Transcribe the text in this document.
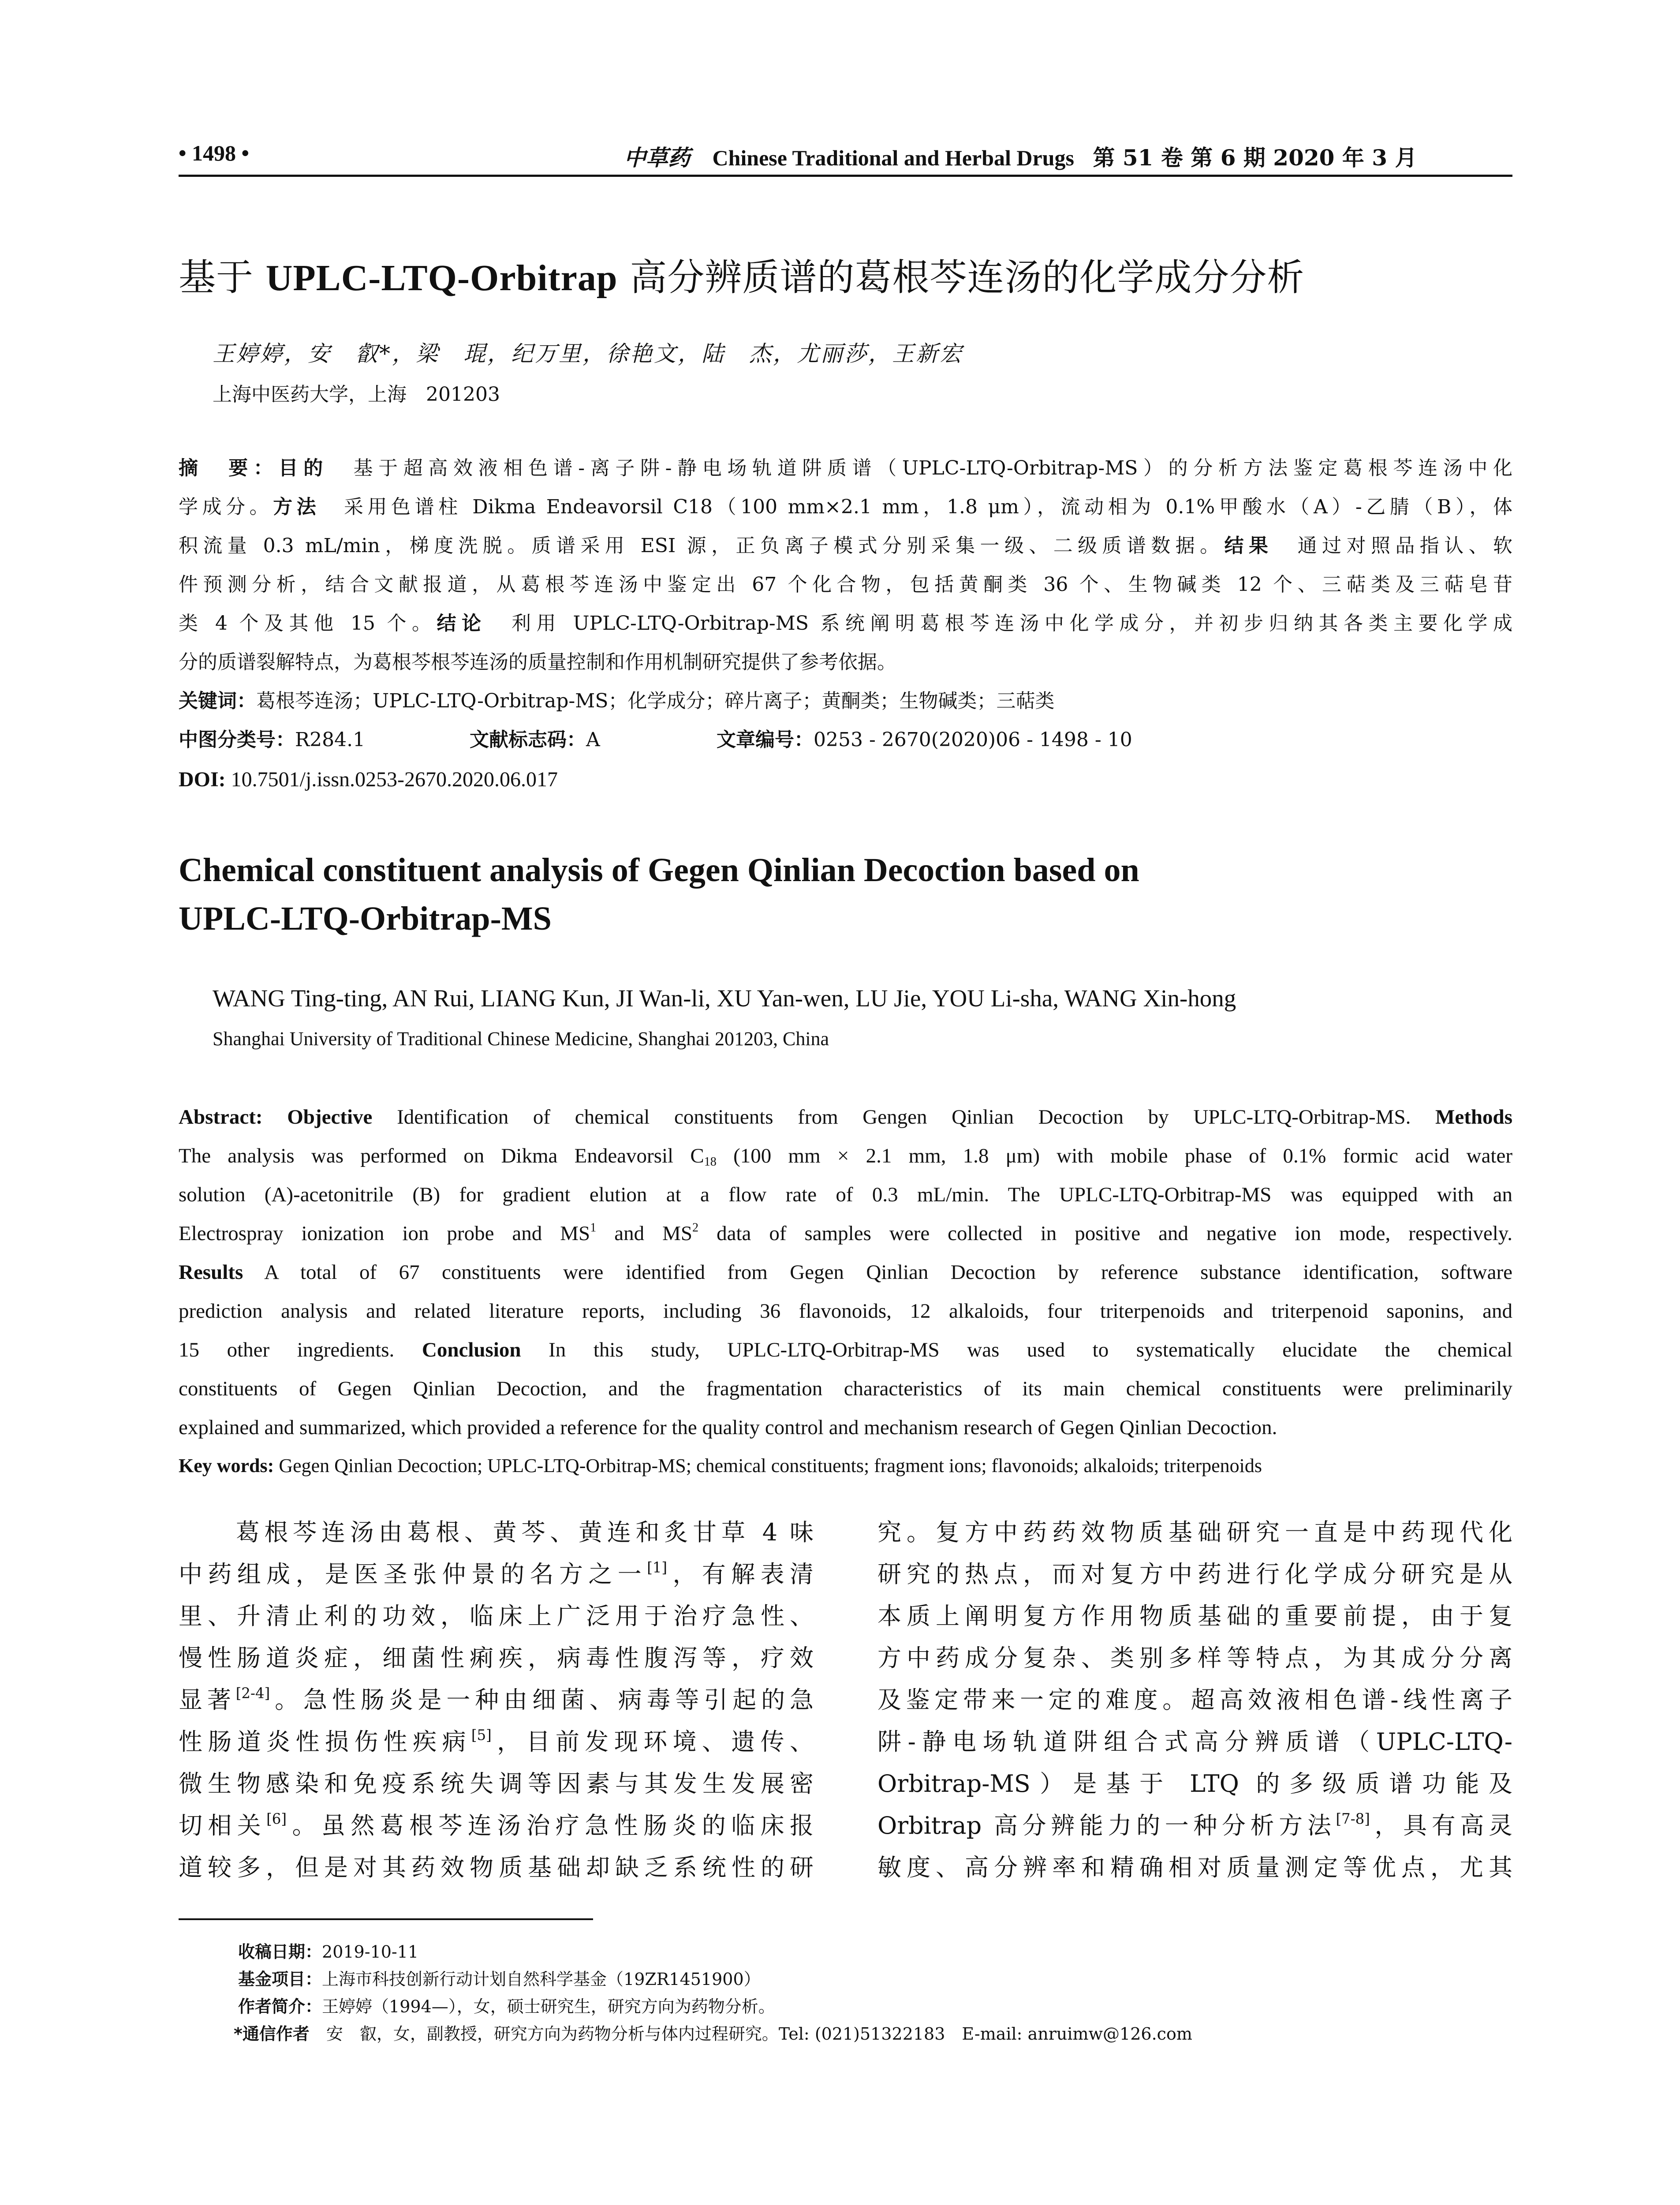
• 1498 •	中草药 Chinese Traditional and Herbal Drugs 第 51 卷 第 6 期 2020 年 3 月
基于 UPLC-LTQ-Orbitrap 高分辨质谱的葛根芩连汤的化学成分分析
王婷婷，安　叡*，梁　琨，纪万里，徐艳文，陆　杰，尤丽莎，王新宏
上海中医药大学，上海　201203
摘　要：目的　 基于超高效液相色谱-离子阱-静电场轨道阱质谱（UPLC-LTQ-Orbitrap-MS）的分析方法鉴定葛根芩连汤中化
学成分。方法　 采用色谱柱 Dikma Endeavorsil C18（100 mm×2.1 mm，1.8 μm），流动相为 0.1%甲酸水（A）-乙腈（B），体
积流量 0.3 mL/min，梯度洗脱。质谱采用 ESI 源，正负离子模式分别采集一级、二级质谱数据。结果　 通过对照品指认、软
件预测分析，结合文献报道，从葛根芩连汤中鉴定出 67 个化合物，包括黄酮类 36 个、生物碱类 12 个、三萜类及三萜皂苷
类 4 个及其他 15 个。结论　 利用 UPLC-LTQ-Orbitrap-MS 系统阐明葛根芩连汤中化学成分，并初步归纳其各类主要化学成
分的质谱裂解特点，为葛根芩根芩连汤的质量控制和作用机制研究提供了参考依据。
关键词：葛根芩连汤；UPLC-LTQ-Orbitrap-MS；化学成分；碎片离子；黄酮类；生物碱类；三萜类
中图分类号：R284.1	文献标志码：A	文章编号：0253 - 2670(2020)06 - 1498 - 10
DOI: 10.7501/j.issn.0253-2670.2020.06.017
Chemical constituent analysis of Gegen Qinlian Decoction based on
UPLC-LTQ-Orbitrap-MS
WANG Ting-ting, AN Rui, LIANG Kun, JI Wan-li, XU Yan-wen, LU Jie, YOU Li-sha, WANG Xin-hong
Shanghai University of Traditional Chinese Medicine, Shanghai 201203, China
Abstract: Objective Identification of chemical constituents from Gengen Qinlian Decoction by UPLC-LTQ-Orbitrap-MS. Methods
The analysis was performed on Dikma Endeavorsil $C_{18}$ (100 mm × 2.1 mm, 1.8 μm) with mobile phase of 0.1% formic acid water
solution (A)-acetonitrile (B) for gradient elution at a flow rate of 0.3 mL/min. The UPLC-LTQ-Orbitrap-MS was equipped with an
Electrospray ionization ion probe and $MS^1$ and $MS^2$ data of samples were collected in positive and negative ion mode, respectively.
Results A total of 67 constituents were identified from Gegen Qinlian Decoction by reference substance identification, software
prediction analysis and related literature reports, including 36 flavonoids, 12 alkaloids, four triterpenoids and triterpenoid saponins, and
15 other ingredients. Conclusion In this study, UPLC-LTQ-Orbitrap-MS was used to systematically elucidate the chemical
constituents of Gegen Qinlian Decoction, and the fragmentation characteristics of its main chemical constituents were preliminarily
explained and summarized, which provided a reference for the quality control and mechanism research of Gegen Qinlian Decoction.
Key words: Gegen Qinlian Decoction; UPLC-LTQ-Orbitrap-MS; chemical constituents; fragment ions; flavonoids; alkaloids; triterpenoids
　　葛根芩连汤由葛根、黄芩、黄连和炙甘草 4 味
中药组成，是医圣张仲景的名方之一[1]，有解表清
里、升清止利的功效，临床上广泛用于治疗急性、
慢性肠道炎症，细菌性痢疾，病毒性腹泻等，疗效
显著[2-4]。急性肠炎是一种由细菌、病毒等引起的急
性肠道炎性损伤性疾病[5]，目前发现环境、遗传、
微生物感染和免疫系统失调等因素与其发生发展密
切相关[6]。虽然葛根芩连汤治疗急性肠炎的临床报
道较多，但是对其药效物质基础却缺乏系统性的研
究。复方中药药效物质基础研究一直是中药现代化
研究的热点，而对复方中药进行化学成分研究是从
本质上阐明复方作用物质基础的重要前提，由于复
方中药成分复杂、类别多样等特点，为其成分分离
及鉴定带来一定的难度。超高效液相色谱-线性离子
阱-静电场轨道阱组合式高分辨质谱（UPLC-LTQ-
Orbitrap-MS）是基于 LTQ 的多级质谱功能及
Orbitrap 高分辨能力的一种分析方法[7-8]，具有高灵
敏度、高分辨率和精确相对质量测定等优点，尤其
收稿日期：2019-10-11
基金项目：上海市科技创新行动计划自然科学基金（19ZR1451900）
作者简介：王婷婷（1994—），女，硕士研究生，研究方向为药物分析。
*通信作者　 安　叡，女，副教授，研究方向为药物分析与体内过程研究。Tel: (021)51322183　E-mail: anruimw@126.com
